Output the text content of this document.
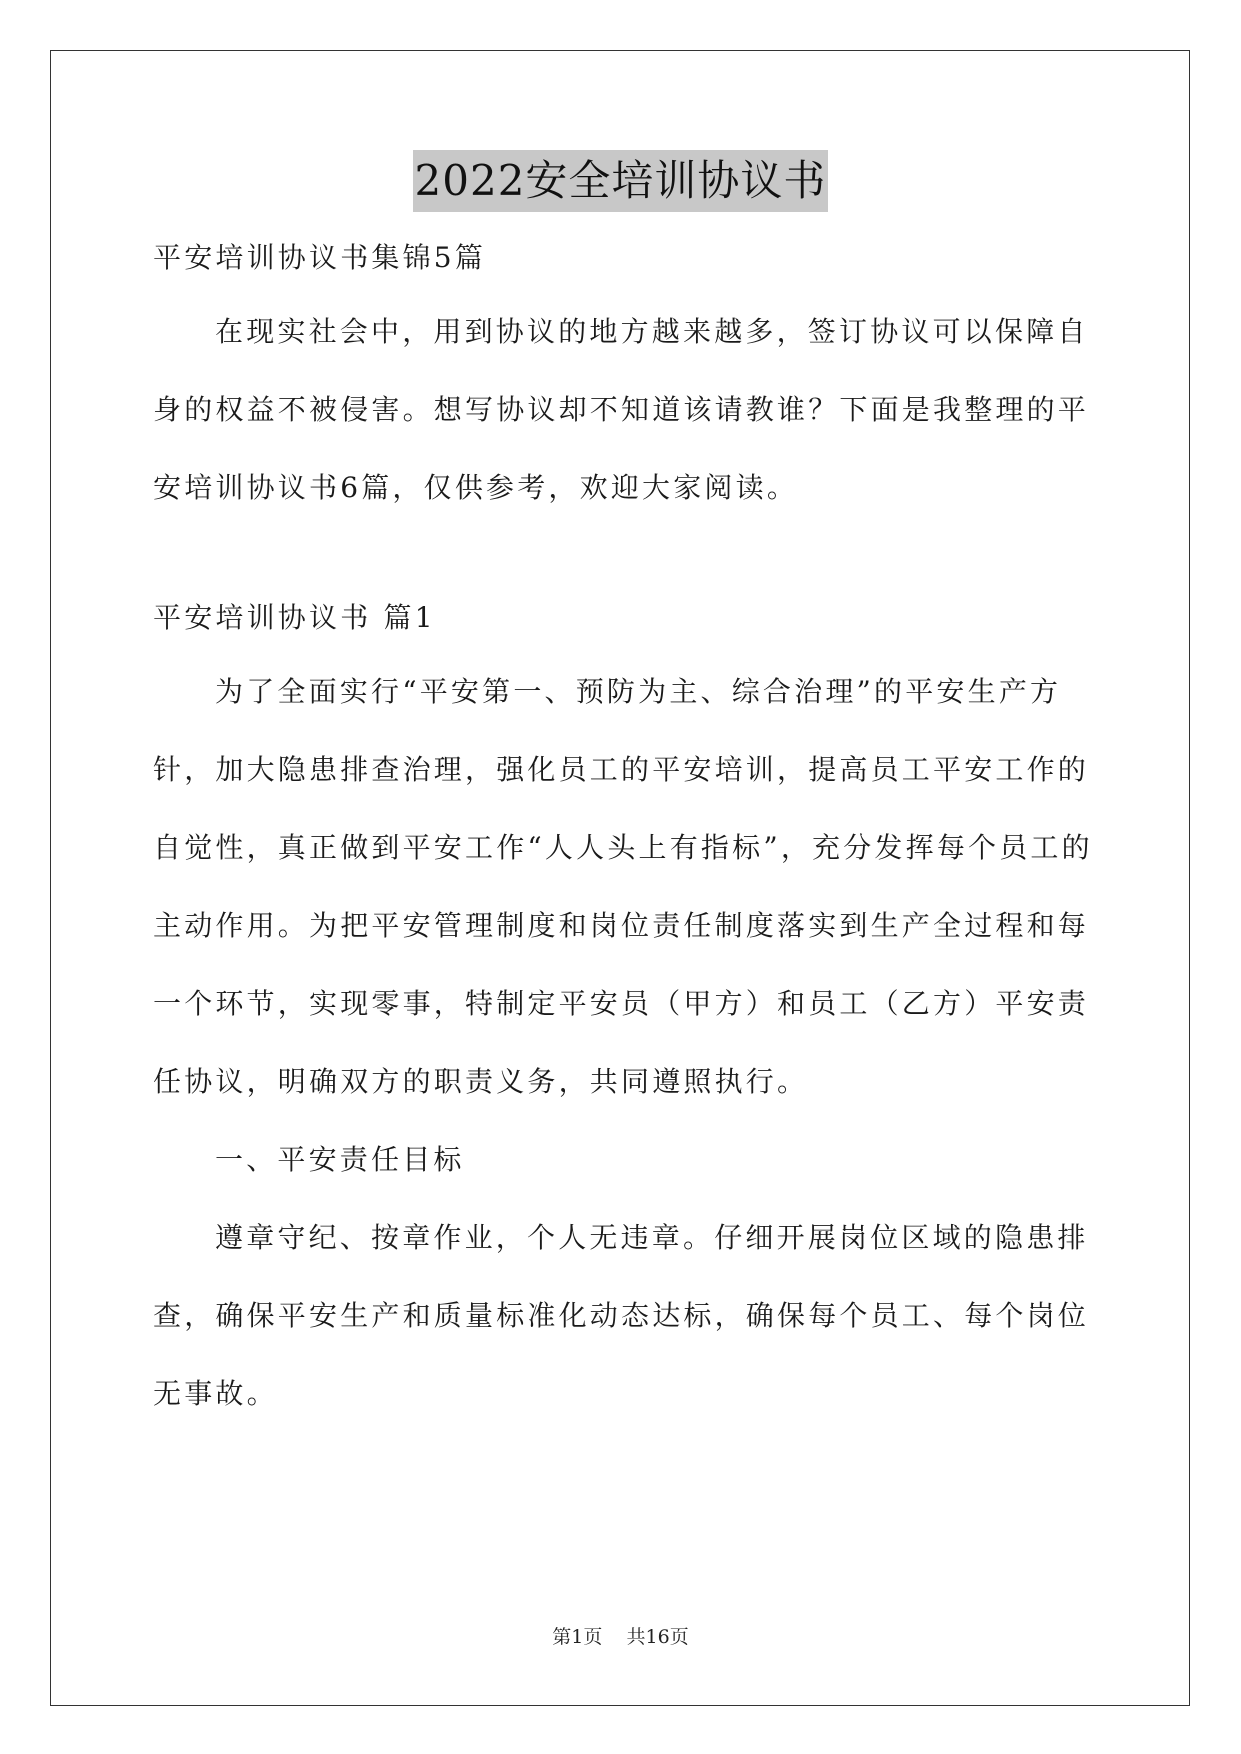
2022安全培训协议书
平安培训协议书集锦5篇
在现实社会中，用到协议的地方越来越多，签订协议可以保障自
身的权益不被侵害。想写协议却不知道该请教谁？下面是我整理的平
安培训协议书6篇，仅供参考，欢迎大家阅读。
平安培训协议书 篇1
为了全面实行“平安第一、预防为主、综合治理”的平安生产方
针，加大隐患排查治理，强化员工的平安培训，提高员工平安工作的
自觉性，真正做到平安工作“人人头上有指标”，充分发挥每个员工的
主动作用。为把平安管理制度和岗位责任制度落实到生产全过程和每
一个环节，实现零事，特制定平安员（甲方）和员工（乙方）平安责
任协议，明确双方的职责义务，共同遵照执行。
一、平安责任目标
遵章守纪、按章作业，个人无违章。仔细开展岗位区域的隐患排
查，确保平安生产和质量标准化动态达标，确保每个员工、每个岗位
无事故。
第1页 共16页
